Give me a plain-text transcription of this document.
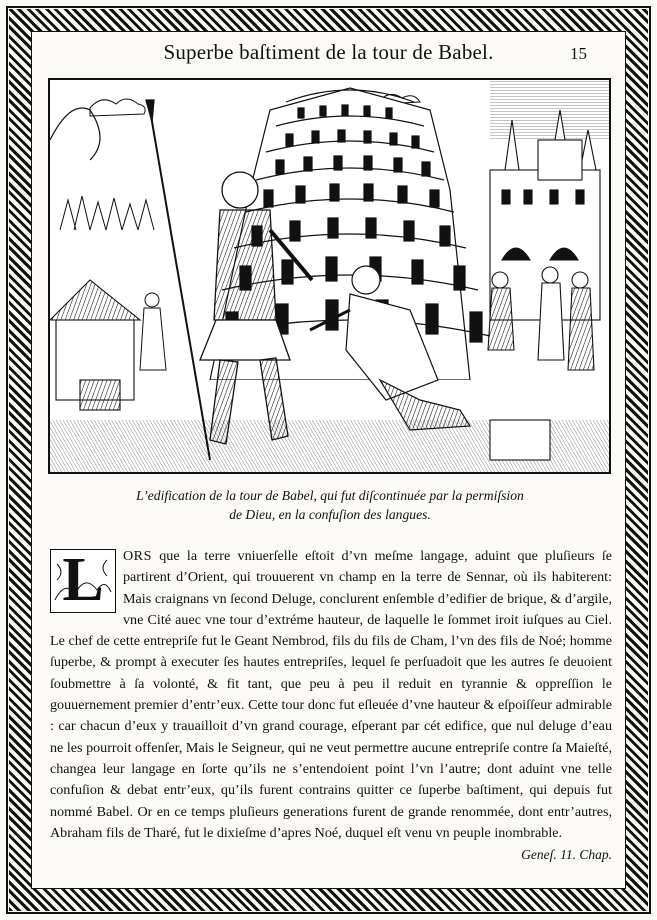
Superbe baſtiment de la tour de Babel.	15
L’edification de la tour de Babel, qui fut diſcontinuée par la permiſsion
de Dieu, en la confuſion des langues.
L	ORS que la terre vniuerſelle eſtoit d’vn meſme langage, aduint que pluſieurs ſe partirent d’Orient, qui trouuerent vn champ en la terre de Sennar, où ils habiterent: Mais craignans vn ſecond Deluge, conclurent enſemble d’edifier de brique, & d’argile, vne Cité auec vne tour d’extréme hauteur, de laquelle le ſommet iroit iuſques au Ciel. Le chef de cette entrepriſe fut le Geant Nembrod, fils du fils de Cham, l’vn des fils de Noé; homme ſuperbe, & prompt à executer ſes hautes entrepriſes, lequel ſe perſuadoit que les autres ſe deuoient ſoubmettre à ſa volonté, & fit tant, que peu à peu il reduit en tyrannie & oppreſſion le gouuernement premier d’entr’eux. Cette tour donc fut eſleuée d’vne hauteur & eſpoiſſeur admirable : car chacun d’eux y trauailloit d’vn grand courage, eſperant par cét edifice, que nul deluge d’eau ne les pourroit offenſer, Mais le Seigneur, qui ne veut permettre aucune entrepriſe contre ſa Maieſté, changea leur langage en ſorte qu’ils ne s’entendoient point l’vn l’autre; dont aduint vne telle confuſion & debat entr’eux, qu’ils furent contrains quitter ce ſuperbe baſtiment, qui depuis fut nommé Babel. Or en ce temps pluſieurs generations furent de grande renommée, dont entr’autres, Abraham fils de Tharé, fut le dixieſme d’apres Noé, duquel eſt venu vn peuple inombrable.
Geneſ. 11. Chap.
